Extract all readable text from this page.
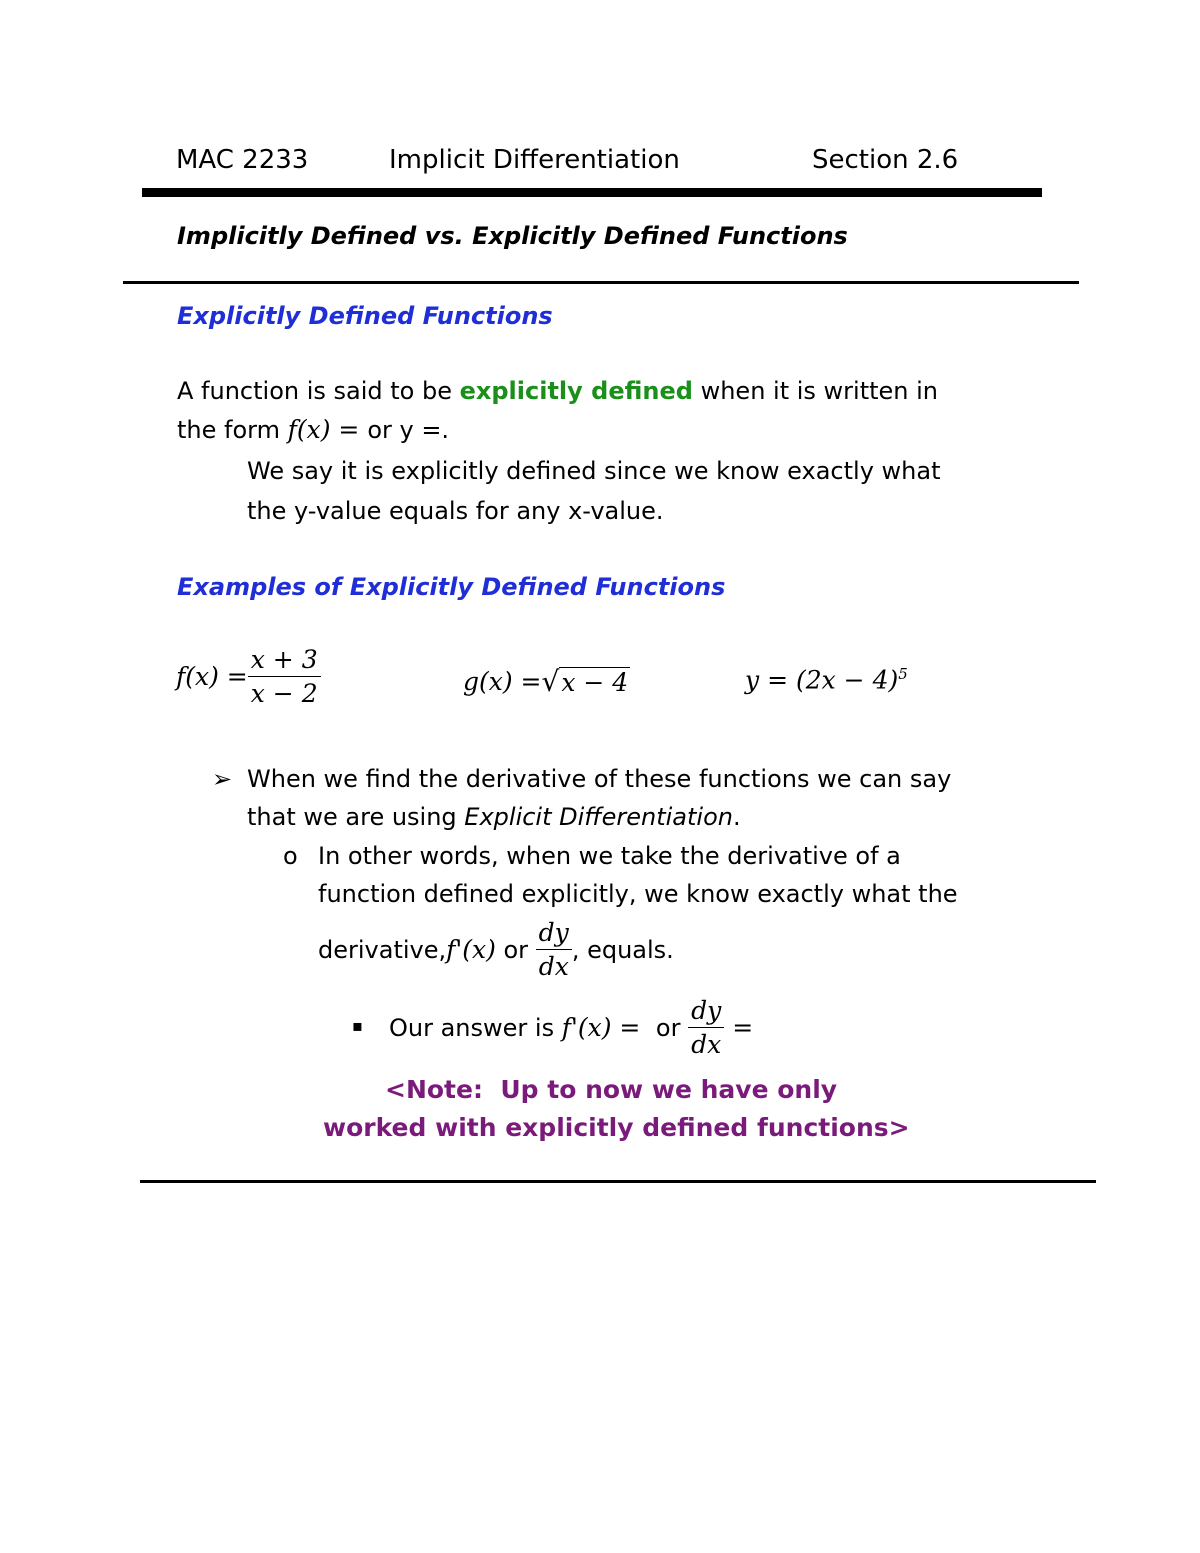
MAC 2233	Implicit Differentiation	Section 2.6
Implicitly Defined vs. Explicitly Defined Functions
Explicitly Defined Functions
A function is said to be explicitly defined when it is written in
the form f(x) = or y =.
We say it is explicitly defined since we know exactly what
the y-value equals for any x-value.
Examples of Explicitly Defined Functions
$f(x) = \frac{x + 3}{x - 2}$	g(x) = √ x − 4	$y = (2x - 4)^5$
➢ When we find the derivative of these functions we can say
that we are using Explicit Differentiation.
o In other words, when we take the derivative of a
function defined explicitly, we know exactly what the
derivative, f'(x) or $\frac{dy}{dx}$ , equals.
▪ Our answer is f'(x) = or $\frac{dy}{dx}$ =
<Note:  Up to now we have only
worked with explicitly defined functions>
